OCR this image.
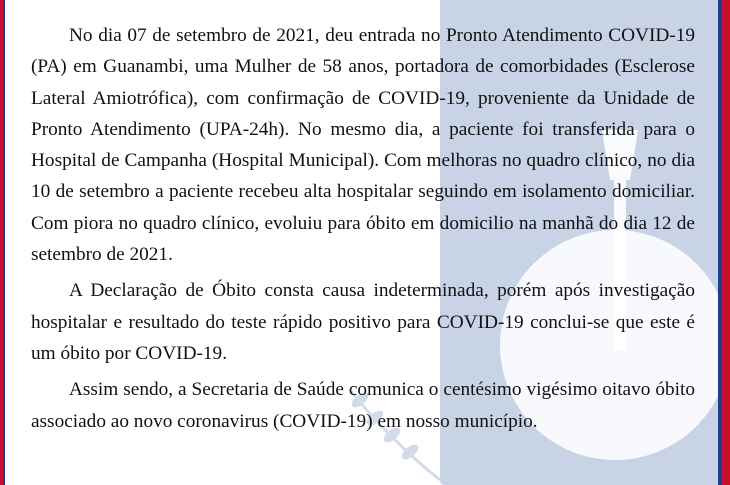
No dia 07 de setembro de 2021, deu entrada no Pronto Atendimento COVID-19 (PA) em Guanambi, uma Mulher de 58 anos, portadora de comorbidades (Esclerose Lateral Amiotrófica), com confirmação de COVID-19, proveniente da Unidade de Pronto Atendimento (UPA-24h). No mesmo dia, a paciente foi transferida para o Hospital de Campanha (Hospital Municipal). Com melhoras no quadro clínico, no dia 10 de setembro a paciente recebeu alta hospitalar seguindo em isolamento domiciliar. Com piora no quadro clínico, evoluiu para óbito em domicilio na manhã do dia 12 de setembro de 2021.

A Declaração de Óbito consta causa indeterminada, porém após investigação hospitalar e resultado do teste rápido positivo para COVID-19 conclui-se que este é um óbito por COVID-19.

Assim sendo, a Secretaria de Saúde comunica o centésimo vigésimo oitavo óbito associado ao novo coronavirus (COVID-19) em nosso município.
